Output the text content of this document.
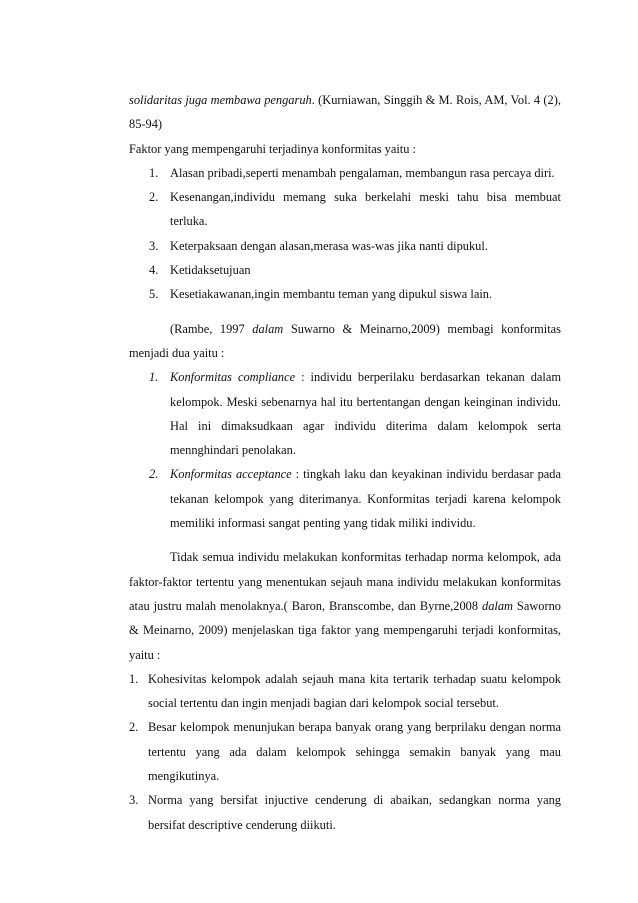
solidaritas juga membawa pengaruh. (Kurniawan, Singgih & M. Rois, AM, Vol. 4 (2), 85-94)

Faktor yang mempengaruhi terjadinya konformitas yaitu :

1. Alasan pribadi,seperti menambah pengalaman, membangun rasa percaya diri.
2. Kesenangan,individu memang suka berkelahi meski tahu bisa membuat terluka.
3. Keterpaksaan dengan alasan,merasa was-was jika nanti dipukul.
4. Ketidaksetujuan
5. Kesetiakawanan,ingin membantu teman yang dipukul siswa lain.

(Rambe, 1997 dalam Suwarno & Meinarno,2009) membagi konformitas menjadi dua yaitu :

1. Konformitas compliance : individu berperilaku berdasarkan tekanan dalam kelompok. Meski sebenarnya hal itu bertentangan dengan keinginan individu. Hal ini dimaksudkaan agar individu diterima dalam kelompok serta mennghindari penolakan.
2. Konformitas acceptance : tingkah laku dan keyakinan individu berdasar pada tekanan kelompok yang diterimanya. Konformitas terjadi karena kelompok memiliki informasi sangat penting yang tidak miliki individu.

Tidak semua individu melakukan konformitas terhadap norma kelompok, ada faktor-faktor tertentu yang menentukan sejauh mana individu melakukan konformitas atau justru malah menolaknya.( Baron, Branscombe, dan Byrne,2008 dalam Saworno & Meinarno, 2009) menjelaskan tiga faktor yang mempengaruhi terjadi konformitas, yaitu :

1. Kohesivitas kelompok adalah sejauh mana kita tertarik terhadap suatu kelompok social tertentu dan ingin menjadi bagian dari kelompok social tersebut.
2. Besar kelompok menunjukan berapa banyak orang yang berprilaku dengan norma tertentu yang ada dalam kelompok sehingga semakin banyak yang mau mengikutinya.
3. Norma yang bersifat injuctive cenderung di abaikan, sedangkan norma yang bersifat descriptive cenderung diikuti.
